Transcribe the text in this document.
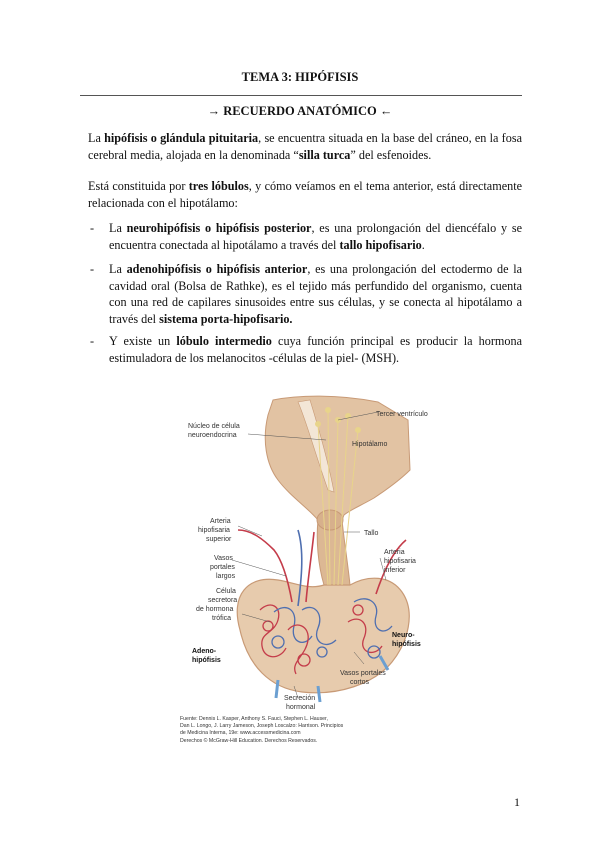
TEMA 3: HIPÓFISIS
→ RECUERDO ANATÓMICO ←

La hipófisis o glándula pituitaria, se encuentra situada en la base del cráneo, en la fosa cerebral media, alojada en la denominada “silla turca” del esfenoides.

Está constituida por tres lóbulos, y cómo veíamos en el tema anterior, está directamente relacionada con el hipotálamo:

- La neurohipófisis o hipófisis posterior, es una prolongación del diencéfalo y se encuentra conectada al hipotálamo a través del tallo hipofisario.
- La adenohipófisis o hipófisis anterior, es una prolongación del ectodermo de la cavidad oral (Bolsa de Rathke), es el tejido más perfundido del organismo, cuenta con una red de capilares sinusoides entre sus células, y se conecta al hipotálamo a través del sistema porta-hipofisario.
- Y existe un lóbulo intermedio cuya función principal es producir la hormona estimuladora de los melanocitos -células de la piel- (MSH).
Tercer ventrículo
Núcleo de célula
neuroendocrina
Hipotálamo
Arteria
hipofisaria
superior
Tallo
Vasos
portales
largos
Arteria
hipofisaria
inferior
Célula
secretora
de hormona
trófica
Adeno-
hipófisis
Neuro-
hipófisis
Vasos portales
cortos
Secreción
hormonal
Fuente: Dennis L. Kasper, Anthony S. Fauci, Stephen L. Hauser,
Dan L. Longo, J. Larry Jameson, Joseph Loscalzo: Harrison. Principios
de Medicina Interna, 19e: www.accessmedicina.com
Derechos © McGraw-Hill Education. Derechos Reservados.
1
